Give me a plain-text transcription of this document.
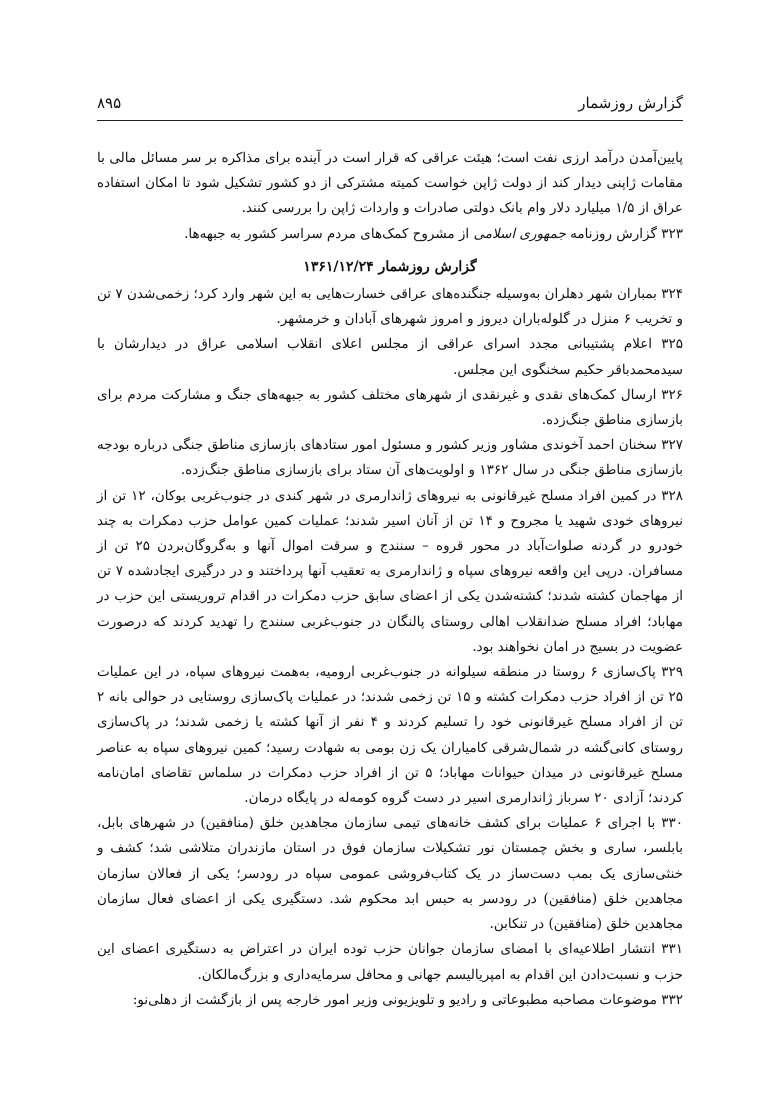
گزارش روزشمار
۸۹۵

پایین‌آمدن درآمد ارزی نفت است؛ هیئت عراقی که قرار است در آینده برای مذاکره بر سر مسائل مالی با مقامات ژاپنی دیدار کند از دولت ژاپن خواست کمیته مشترکی از دو کشور تشکیل شود تا امکان استفاده عراق از ۱/۵ میلیارد دلار وام بانک دولتی صادرات و واردات ژاپن را بررسی کنند.

۳۲۳ گزارش روزنامه جمهوری اسلامی از مشروح کمک‌های مردم سراسر کشور به جبهه‌ها.

گزارش روزشمار ۱۳۶۱/۱۲/۲۴

۳۲۴ بمباران شهر دهلران به‌وسیله جنگنده‌های عراقی خسارت‌هایی به این شهر وارد کرد؛ زخمی‌شدن ۷ تن و تخریب ۶ منزل در گلوله‌باران دیروز و امروز شهرهای آبادان و خرمشهر.

۳۲۵ اعلام پشتیبانی مجدد اسرای عراقی از مجلس اعلای انقلاب اسلامی عراق در دیدارشان با سیدمحمدباقر حکیم سخنگوی این مجلس.

۳۲۶ ارسال کمک‌های نقدی و غیرنقدی از شهرهای مختلف کشور به جبهه‌های جنگ و مشارکت مردم برای بازسازی مناطق جنگ‌زده.

۳۲۷ سخنان احمد آخوندی مشاور وزیر کشور و مسئول امور ستادهای بازسازی مناطق جنگی درباره بودجه بازسازی مناطق جنگی در سال ۱۳۶۲ و اولویت‌های آن ستاد برای بازسازی مناطق جنگ‌زده.

۳۲۸ در کمین افراد مسلح غیرقانونی به نیروهای ژاندارمری در شهر کندی در جنوب‌غربی بوکان، ۱۲ تن از نیروهای خودی شهید یا مجروح و ۱۴ تن از آنان اسیر شدند؛ عملیات کمین عوامل حزب دمکرات به چند خودرو در گردنه صلوات‌آباد در محور قروه – سنندج و سرقت اموال آنها و به‌گروگان‌بردن ۲۵ تن از مسافران. درپی این واقعه نیروهای سپاه و ژاندارمری به تعقیب آنها پرداختند و در درگیری ایجادشده ۷ تن از مهاجمان کشته شدند؛ کشته‌شدن یکی از اعضای سابق حزب دمکرات در اقدام تروریستی این حزب در مهاباد؛ افراد مسلح ضدانقلاب اهالی روستای پالنگان در جنوب‌غربی سنندج را تهدید کردند که درصورت عضویت در بسیج در امان نخواهند بود.

۳۲۹ پاک‌سازی ۶ روستا در منطقه سیلوانه در جنوب‌غربی ارومیه، به‌همت نیروهای سپاه، در این عملیات ۲۵ تن از افراد حزب دمکرات کشته و ۱۵ تن زخمی شدند؛ در عملیات پاک‌سازی روستایی در حوالی بانه ۲ تن از افراد مسلح غیرقانونی خود را تسلیم کردند و ۴ نفر از آنها کشته یا زخمی شدند؛ در پاک‌سازی روستای کانی‌گشه در شمال‌شرقی کامیاران یک زن بومی به شهادت رسید؛ کمین نیروهای سپاه به عناصر مسلح غیرقانونی در میدان حیوانات مهاباد؛ ۵ تن از افراد حزب دمکرات در سلماس تقاضای امان‌نامه کردند؛ آزادی ۲۰ سرباز ژاندارمری اسیر در دست گروه کومه‌له در پایگاه درمان.

۳۳۰ با اجرای ۶ عملیات برای کشف خانه‌های تیمی سازمان مجاهدین خلق (منافقین) در شهرهای بابل، بابلسر، ساری و بخش چمستان نور تشکیلات سازمان فوق در استان مازندران متلاشی شد؛ کشف و خنثی‌سازی یک بمب دست‌ساز در یک کتاب‌فروشی عمومی سپاه در رودسر؛ یکی از فعالان سازمان مجاهدین خلق (منافقین) در رودسر به حبس ابد محکوم شد. دستگیری یکی از اعضای فعال سازمان مجاهدین خلق (منافقین) در تنکابن.

۳۳۱ انتشار اطلاعیه‌ای با امضای سازمان جوانان حزب توده ایران در اعتراض به دستگیری اعضای این حزب و نسبت‌دادن این اقدام به امپریالیسم جهانی و محافل سرمایه‌داری و بزرگ‌مالکان.

۳۳۲ موضوعات مصاحبه مطبوعاتی و رادیو و تلویزیونی وزیر امور خارجه پس از بازگشت از دهلی‌نو:
